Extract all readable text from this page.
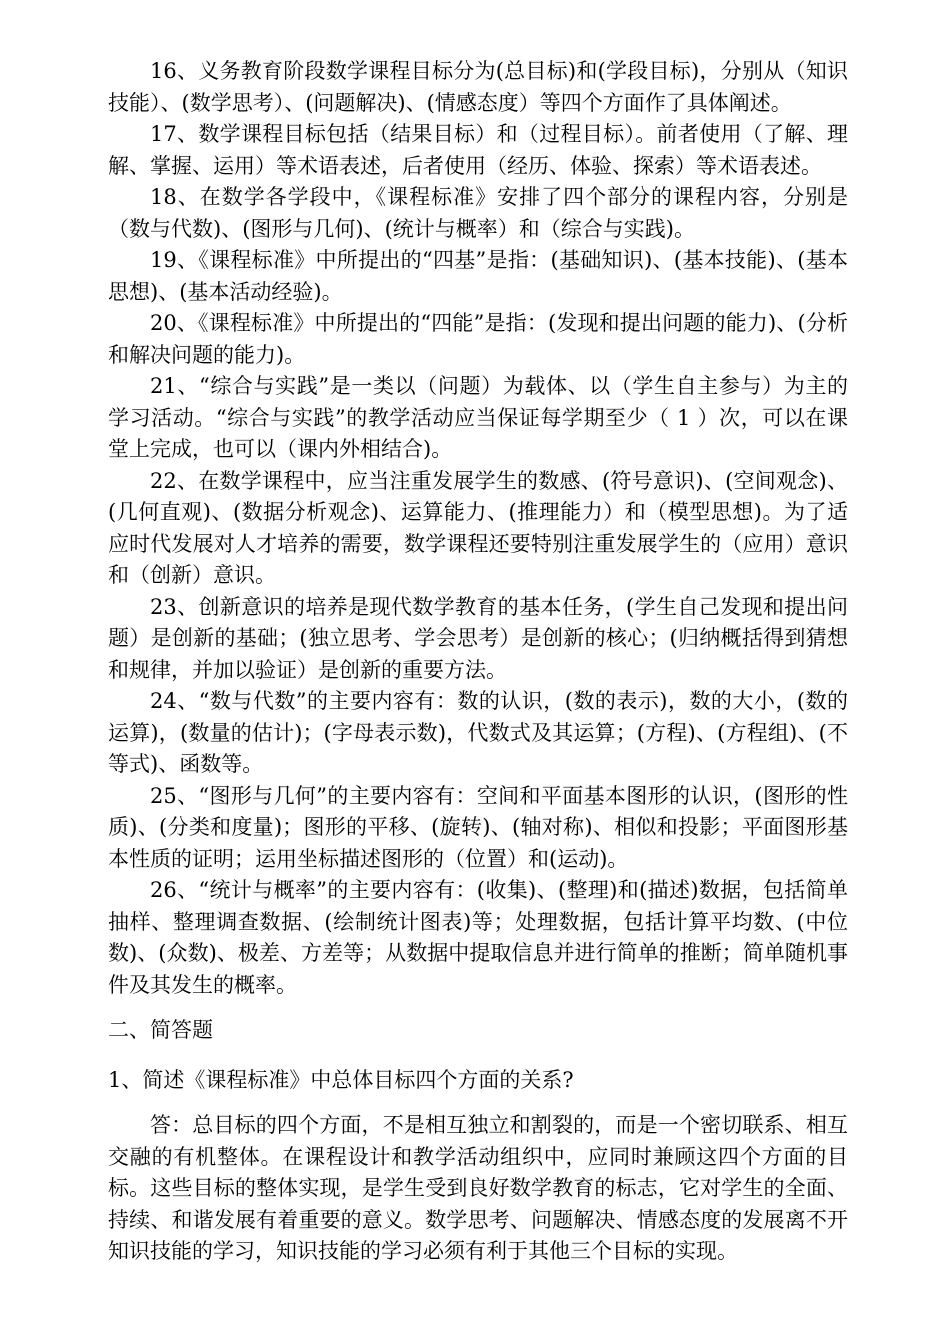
16、义务教育阶段数学课程目标分为(总目标)和(学段目标)，分别从（知识技能）、(数学思考）、(问题解决)、(情感态度）等四个方面作了具体阐述。

17、数学课程目标包括（结果目标）和（过程目标）。前者使用（了解、理解、掌握、运用）等术语表述，后者使用（经历、体验、探索）等术语表述。

18、在数学各学段中，《课程标准》安排了四个部分的课程内容，分别是（数与代数)、(图形与几何)、(统计与概率）和（综合与实践)。

19、《课程标准》中所提出的“四基”是指：(基础知识)、(基本技能)、(基本思想)、(基本活动经验)。

20、《课程标准》中所提出的“四能”是指：(发现和提出问题的能力)、(分析和解决问题的能力)。

21、“综合与实践”是一类以（问题）为载体、以（学生自主参与）为主的学习活动。“综合与实践”的教学活动应当保证每学期至少（ 1 ）次，可以在课堂上完成，也可以（课内外相结合)。

22、在数学课程中，应当注重发展学生的数感、(符号意识)、(空间观念)、(几何直观)、(数据分析观念)、运算能力、(推理能力）和（模型思想)。为了适应时代发展对人才培养的需要，数学课程还要特别注重发展学生的（应用）意识和（创新）意识。

23、创新意识的培养是现代数学教育的基本任务，(学生自己发现和提出问题）是创新的基础；(独立思考、学会思考）是创新的核心；(归纳概括得到猜想和规律，并加以验证）是创新的重要方法。

24、“数与代数”的主要内容有：数的认识，(数的表示)，数的大小，(数的运算)，(数量的估计)；(字母表示数)，代数式及其运算；(方程)、(方程组)、(不等式)、函数等。

25、“图形与几何”的主要内容有：空间和平面基本图形的认识，(图形的性质)、(分类和度量)；图形的平移、(旋转)、(轴对称)、相似和投影；平面图形基本性质的证明；运用坐标描述图形的（位置）和(运动)。

26、“统计与概率”的主要内容有：(收集)、(整理)和(描述)数据，包括简单抽样、整理调查数据、(绘制统计图表)等；处理数据，包括计算平均数、(中位数)、(众数)、极差、方差等；从数据中提取信息并进行简单的推断；简单随机事件及其发生的概率。

二、简答题

1、简述《课程标准》中总体目标四个方面的关系?

答：总目标的四个方面，不是相互独立和割裂的，而是一个密切联系、相互交融的有机整体。在课程设计和教学活动组织中，应同时兼顾这四个方面的目标。这些目标的整体实现，是学生受到良好数学教育的标志，它对学生的全面、持续、和谐发展有着重要的意义。数学思考、问题解决、情感态度的发展离不开知识技能的学习，知识技能的学习必须有利于其他三个目标的实现。
